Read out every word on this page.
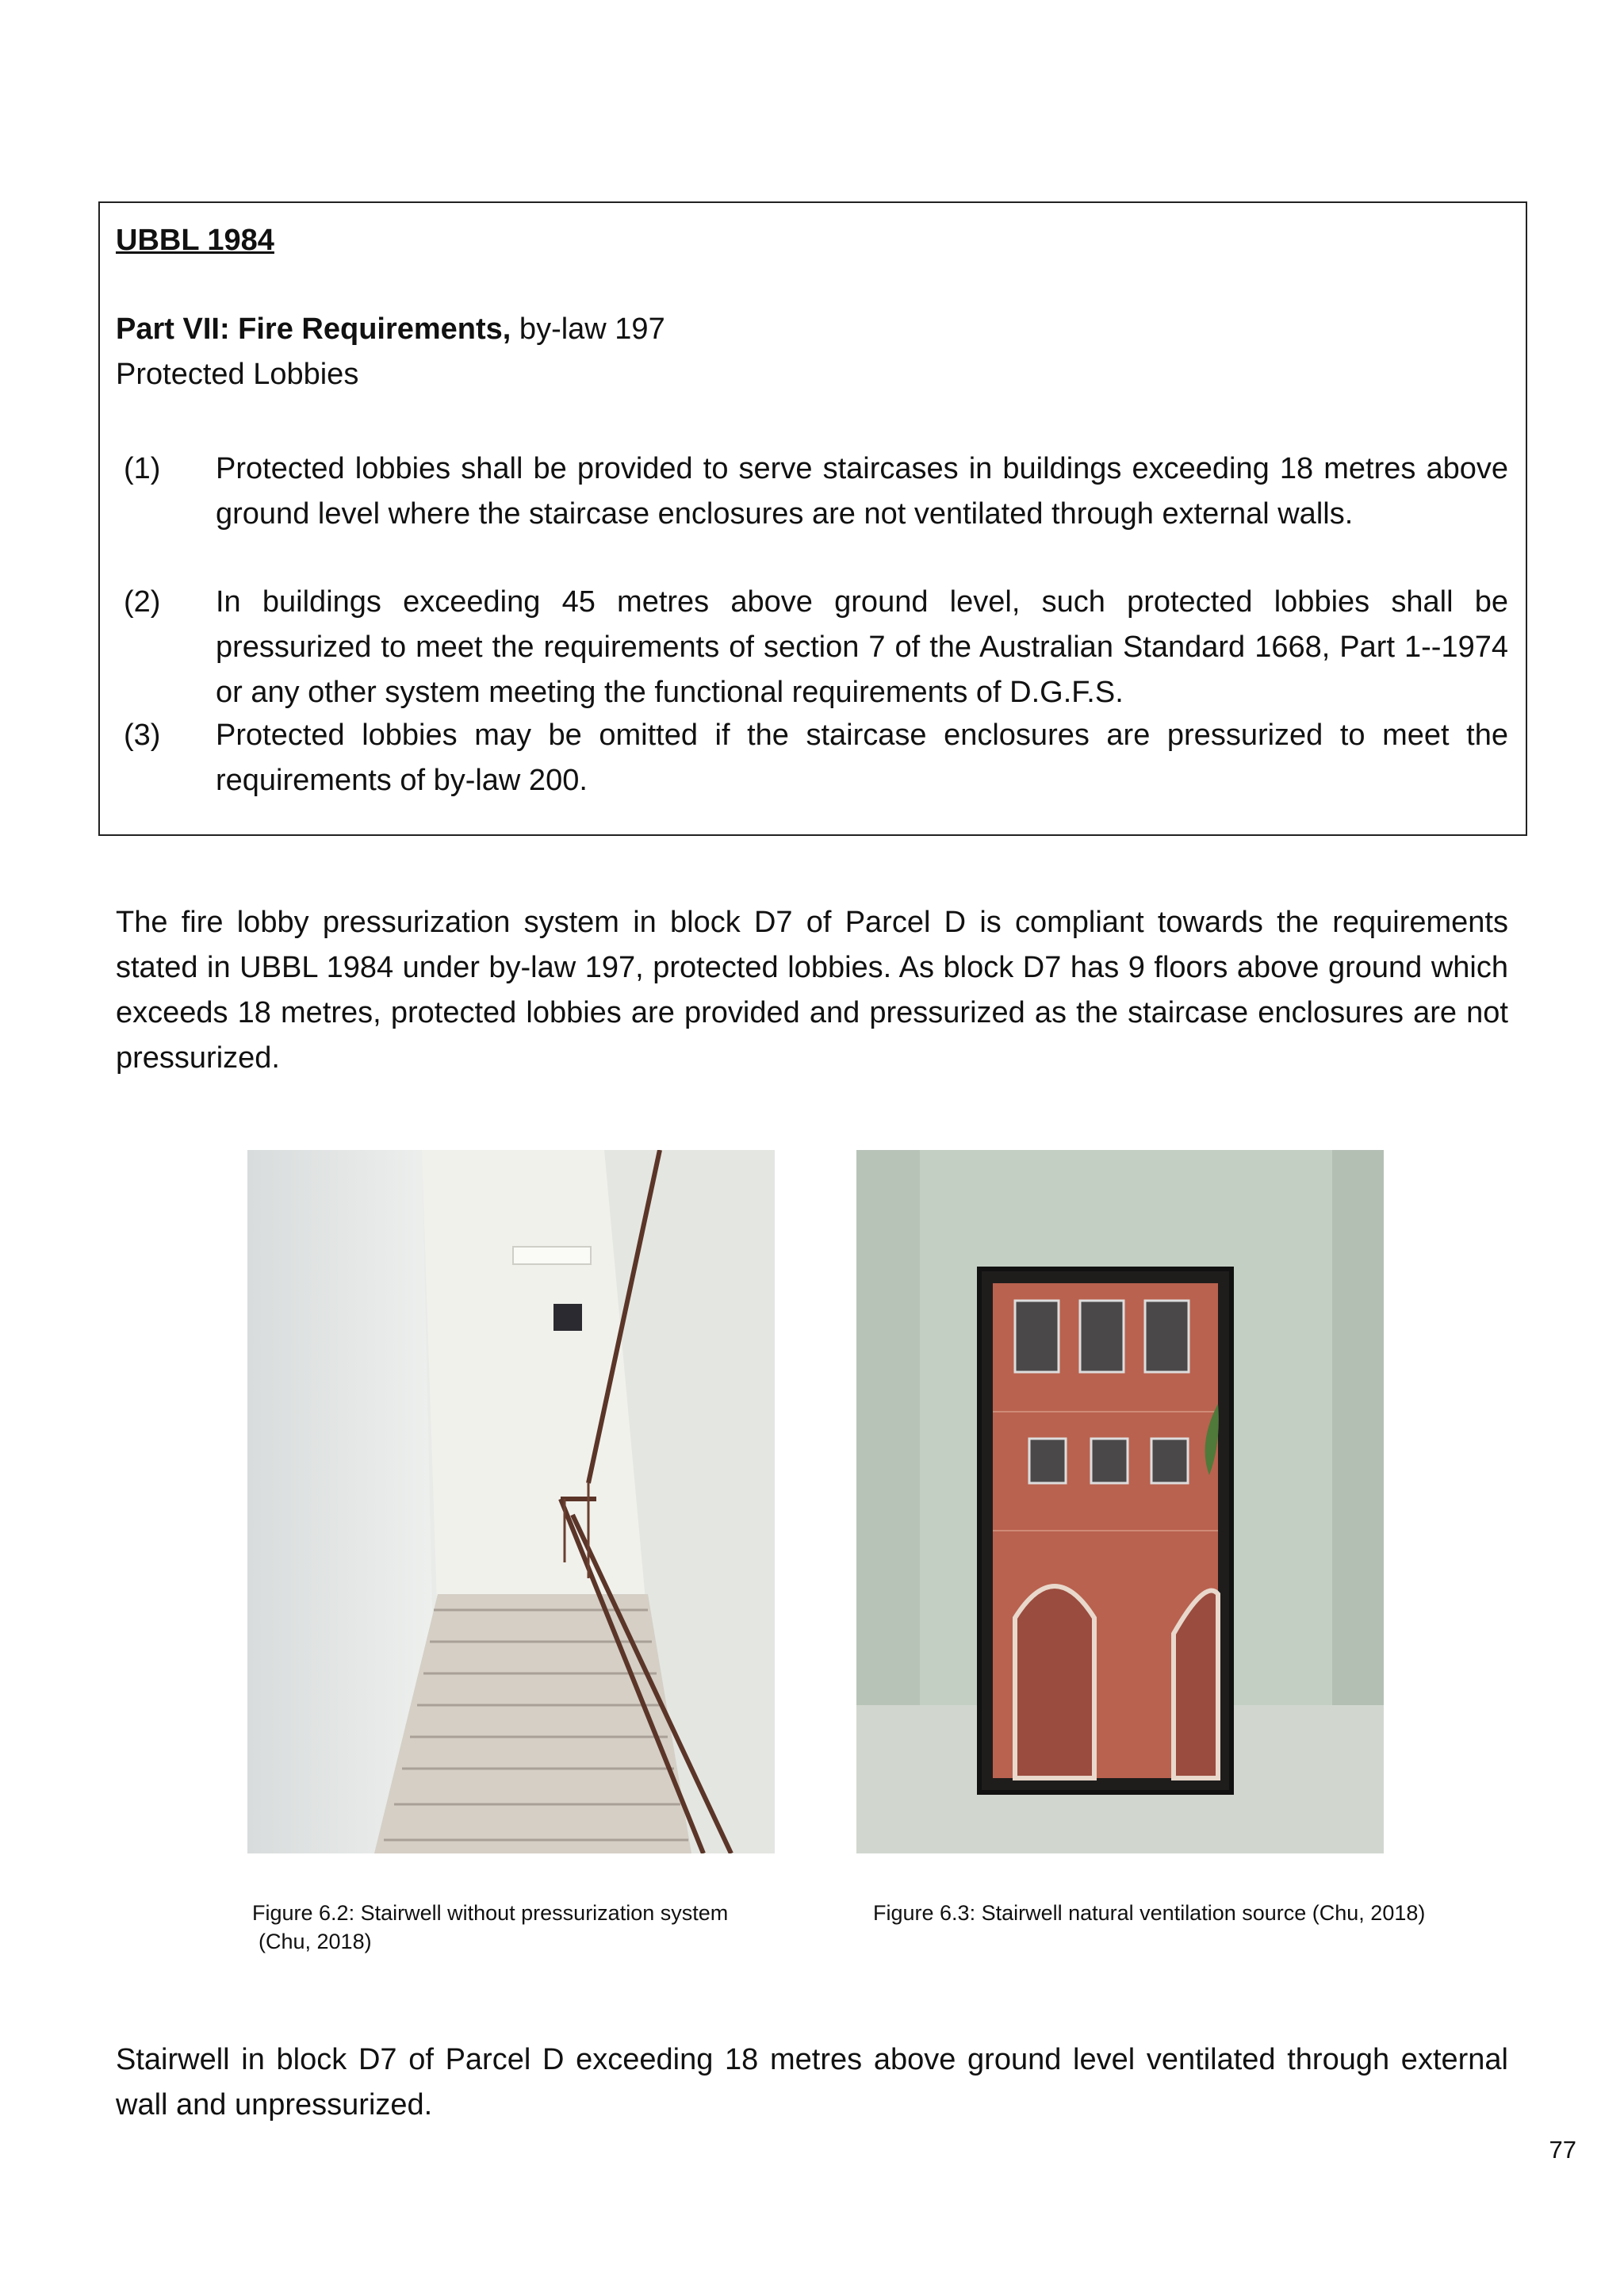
UBBL 1984
Part VII: Fire Requirements, by-law 197
Protected Lobbies
(1) Protected lobbies shall be provided to serve staircases in buildings exceeding 18 metres above ground level where the staircase enclosures are not ventilated through external walls.
(2) In buildings exceeding 45 metres above ground level, such protected lobbies shall be pressurized to meet the requirements of section 7 of the Australian Standard 1668, Part 1--1974 or any other system meeting the functional requirements of D.G.F.S.
(3) Protected lobbies may be omitted if the staircase enclosures are pressurized to meet the requirements of by-law 200.
The fire lobby pressurization system in block D7 of Parcel D is compliant towards the requirements stated in UBBL 1984 under by-law 197, protected lobbies. As block D7 has 9 floors above ground which exceeds 18 metres, protected lobbies are provided and pressurized as the staircase enclosures are not pressurized.
Figure 6.2: Stairwell without pressurization system
(Chu, 2018)
Figure 6.3: Stairwell natural ventilation source (Chu, 2018)
Stairwell in block D7 of Parcel D exceeding 18 metres above ground level ventilated through external wall and unpressurized.
77
